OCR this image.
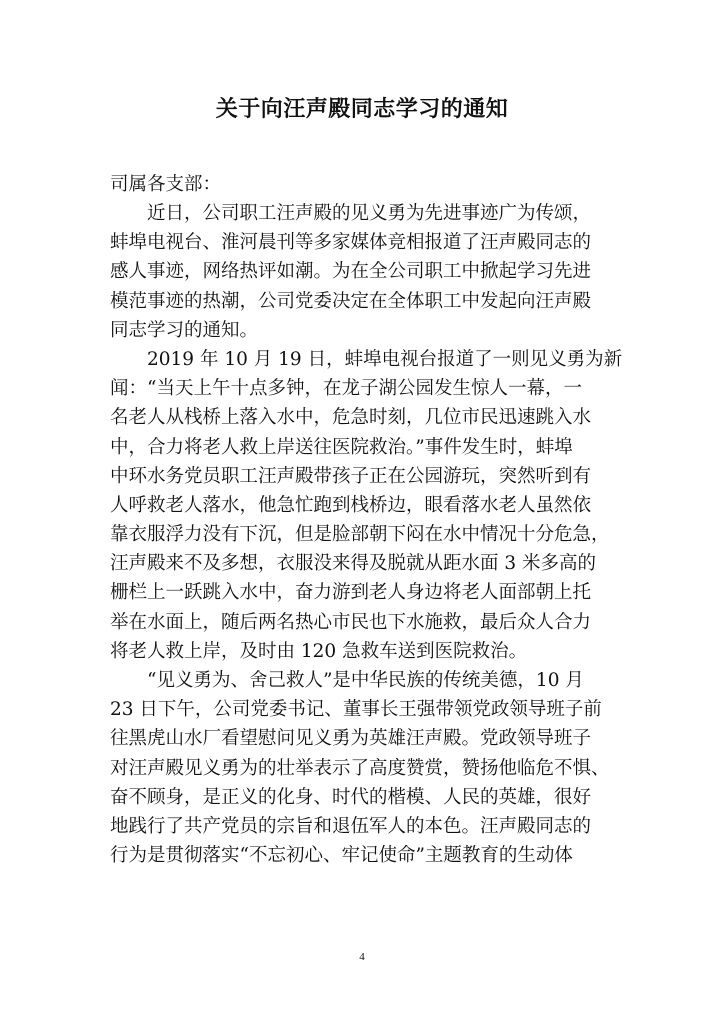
关于向汪声殿同志学习的通知
司属各支部：
近日，公司职工汪声殿的见义勇为先进事迹广为传颂，
蚌埠电视台、淮河晨刊等多家媒体竞相报道了汪声殿同志的
感人事迹，网络热评如潮。为在全公司职工中掀起学习先进
模范事迹的热潮，公司党委决定在全体职工中发起向汪声殿
同志学习的通知。
2019 年 10 月 19 日，蚌埠电视台报道了一则见义勇为新
闻：“当天上午十点多钟，在龙子湖公园发生惊人一幕，一
名老人从栈桥上落入水中，危急时刻，几位市民迅速跳入水
中，合力将老人救上岸送往医院救治。”事件发生时，蚌埠
中环水务党员职工汪声殿带孩子正在公园游玩，突然听到有
人呼救老人落水，他急忙跑到栈桥边，眼看落水老人虽然依
靠衣服浮力没有下沉，但是脸部朝下闷在水中情况十分危急，
汪声殿来不及多想，衣服没来得及脱就从距水面 3 米多高的
栅栏上一跃跳入水中，奋力游到老人身边将老人面部朝上托
举在水面上，随后两名热心市民也下水施救，最后众人合力
将老人救上岸，及时由 120 急救车送到医院救治。
“见义勇为、舍己救人”是中华民族的传统美德，10 月
23 日下午，公司党委书记、董事长王强带领党政领导班子前
往黑虎山水厂看望慰问见义勇为英雄汪声殿。党政领导班子
对汪声殿见义勇为的壮举表示了高度赞赏，赞扬他临危不惧、
奋不顾身，是正义的化身、时代的楷模、人民的英雄，很好
地践行了共产党员的宗旨和退伍军人的本色。汪声殿同志的
行为是贯彻落实“不忘初心、牢记使命”主题教育的生动体
4
